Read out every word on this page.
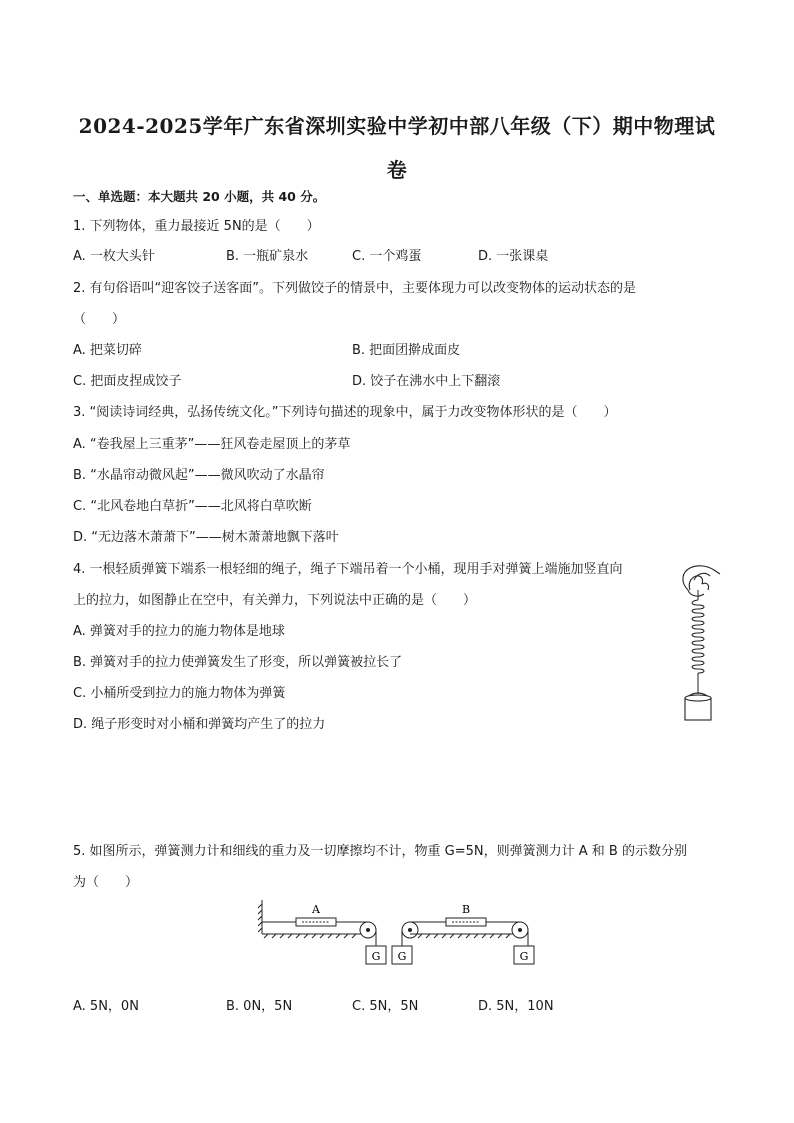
2024-2025学年广东省深圳实验中学初中部八年级（下）期中物理试
卷
一、单选题：本大题共 20 小题，共 40 分。
1. 下列物体，重力最接近 5N的是（　　）
A. 一枚大头针	B. 一瓶矿泉水	C. 一个鸡蛋	D. 一张课桌
2. 有句俗语叫“迎客饺子送客面”。下列做饺子的情景中，主要体现力可以改变物体的运动状态的是
（　　）
A. 把菜切碎	B. 把面团擀成面皮
C. 把面皮捏成饺子	D. 饺子在沸水中上下翻滚
3. “阅读诗词经典，弘扬传统文化。”下列诗句描述的现象中，属于力改变物体形状的是（　　）
A. “卷我屋上三重茅”——狂风卷走屋顶上的茅草
B. “水晶帘动微风起”——微风吹动了水晶帘
C. “北风卷地白草折”——北风将白草吹断
D. “无边落木萧萧下”——树木萧萧地飘下落叶
4. 一根轻质弹簧下端系一根轻细的绳子，绳子下端吊着一个小桶，现用手对弹簧上端施加竖直向
上的拉力，如图静止在空中，有关弹力，下列说法中正确的是（　　）
A. 弹簧对手的拉力的施力物体是地球
B. 弹簧对手的拉力使弹簧发生了形变，所以弹簧被拉长了
C. 小桶所受到拉力的施力物体为弹簧
D. 绳子形变时对小桶和弹簧均产生了的拉力
5. 如图所示，弹簧测力计和细线的重力及一切摩擦均不计，物重 G=5N，则弹簧测力计 A 和 B 的示数分别
为（　　）
A	B
G G	G
A. 5N，0N	B. 0N，5N	C. 5N，5N	D. 5N，10N
